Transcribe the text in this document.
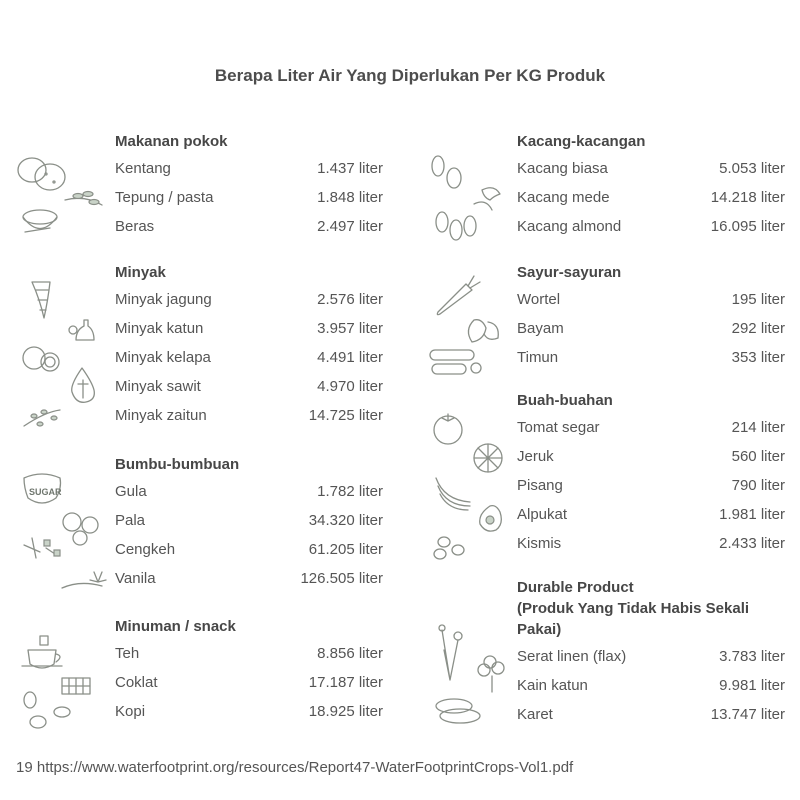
Berapa Liter Air Yang Diperlukan Per KG Produk
Makanan pokok
Kentang	1.437 liter
Tepung / pasta	1.848 liter
Beras	2.497 liter
Minyak
Minyak jagung	2.576 liter
Minyak katun	3.957 liter
Minyak kelapa	4.491 liter
Minyak sawit	4.970 liter
Minyak zaitun	14.725 liter
Bumbu-bumbuan
Gula	1.782 liter
Pala	34.320 liter
Cengkeh	61.205 liter
Vanila	126.505 liter
Minuman / snack
Teh	8.856 liter
Coklat	17.187 liter
Kopi	18.925 liter
Kacang-kacangan
Kacang biasa	5.053 liter
Kacang mede	14.218 liter
Kacang almond	16.095 liter
Sayur-sayuran
Wortel	195 liter
Bayam	292 liter
Timun	353 liter
Buah-buahan
Tomat segar	214 liter
Jeruk	560 liter
Pisang	790 liter
Alpukat	1.981 liter
Kismis	2.433 liter
Durable Product
(Produk Yang Tidak Habis Sekali Pakai)
Serat linen (flax)	3.783 liter
Kain katun	9.981 liter
Karet	13.747 liter
SUGAR
19 https://www.waterfootprint.org/resources/Report47-WaterFootprintCrops-Vol1.pdf
